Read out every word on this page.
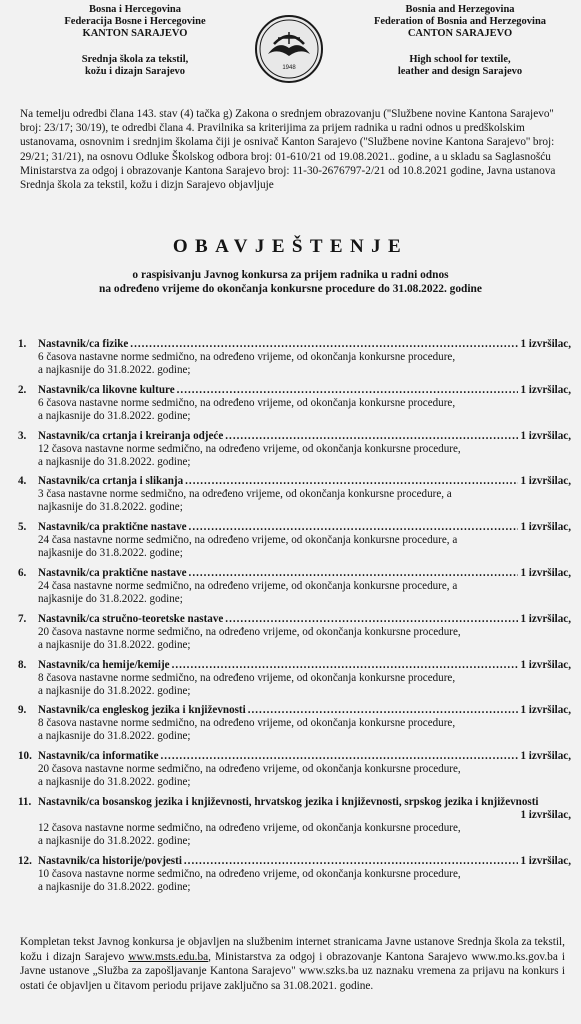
Bosna i Hercegovina
Federacija Bosne i Hercegovine
KANTON SARAJEVO
Srednja škola za tekstil,
kožu i dizajn Sarajevo	1948
Bosnia and Herzegovina
Federation of Bosnia and Herzegovina
CANTON SARAJEVO
High school for textile,
leather and design Sarajevo
Na temelju odredbi člana 143. stav (4) tačka g) Zakona o srednjem obrazovanju (''Službene novine Kantona Sarajevo'' broj: 23/17; 30/19), te odredbi člana 4. Pravilnika sa kriterijima za prijem radnika u radni odnos u predškolskim ustanovama, osnovnim i srednjim školama čiji je osnivač Kanton Sarajevo (''Službene novine Kantona Sarajevo'' broj: 29/21; 31/21), na osnovu Odluke Školskog odbora broj: 01-610/21 od 19.08.2021.. godine, a u skladu sa Saglasnošću Ministarstva za odgoj i obrazovanje Kantona Sarajevo broj: 11-30-2676797-2/21 od 10.8.2021 godine, Javna ustanova Srednja škola za tekstil, kožu i dizjn Sarajevo objavljuje
OBAVJEŠTENJE
o raspisivanju Javnog konkursa za prijem radnika u radni odnos
na određeno vrijeme do okončanja konkursne procedure do 31.08.2022. godine
1. Nastavnik/ca fizike .....	1 izvršilac,
6 časova nastavne norme sedmično, na određeno vrijeme, od okončanja konkursne procedure,
a najkasnije do 31.8.2022. godine;
2. Nastavnik/ca likovne kulture .....	1 izvršilac,
6 časova nastavne norme sedmično, na određeno vrijeme, od okončanja konkursne procedure,
a najkasnije do 31.8.2022. godine;
3. Nastavnik/ca crtanja i kreiranja odjeće .....	1 izvršilac,
12 časova nastavne norme sedmično, na određeno vrijeme, od okončanja konkursne procedure,
a najkasnije do 31.8.2022. godine;
4. Nastavnik/ca crtanja i slikanja .....	1 izvršilac,
3 časa nastavne norme sedmično, na određeno vrijeme, od okončanja konkursne procedure, a
najkasnije do 31.8.2022. godine;
5. Nastavnik/ca praktične nastave .....	1 izvršilac,
24 časa nastavne norme sedmično, na određeno vrijeme, od okončanja konkursne procedure, a
najkasnije do 31.8.2022. godine;
6. Nastavnik/ca praktične nastave .....	1 izvršilac,
24 časa nastavne norme sedmično, na određeno vrijeme, od okončanja konkursne procedure, a
najkasnije do 31.8.2022. godine;
7. Nastavnik/ca stručno-teoretske nastave .....	1 izvršilac,
20 časova nastavne norme sedmično, na određeno vrijeme, od okončanja konkursne procedure,
a najkasnije do 31.8.2022. godine;
8. Nastavnik/ca hemije/kemije .....	1 izvršilac,
8 časova nastavne norme sedmično, na određeno vrijeme, od okončanja konkursne procedure,
a najkasnije do 31.8.2022. godine;
9. Nastavnik/ca engleskog jezika i književnosti .....	1 izvršilac,
8 časova nastavne norme sedmično, na određeno vrijeme, od okončanja konkursne procedure,
a najkasnije do 31.8.2022. godine;
10. Nastavnik/ca informatike .....	1 izvršilac,
20 časova nastavne norme sedmično, na određeno vrijeme, od okončanja konkursne procedure,
a najkasnije do 31.8.2022. godine;
11. Nastavnik/ca bosanskog jezika i književnosti, hrvatskog jezika i književnosti, srpskog jezika i književnosti
1 izvršilac,
12 časova nastavne norme sedmično, na određeno vrijeme, od okončanja konkursne procedure,
a najkasnije do 31.8.2022. godine;
12. Nastavnik/ca historije/povjesti .....	1 izvršilac,
10 časova nastavne norme sedmično, na određeno vrijeme, od okončanja konkursne procedure,
a najkasnije do 31.8.2022. godine;
Kompletan tekst Javnog konkursa je objavljen na službenim internet stranicama Javne ustanove Srednja škola za tekstil, kožu i dizajn Sarajevo www.msts.edu.ba, Ministarstva za odgoj i obrazovanje Kantona Sarajevo www.mo.ks.gov.ba i Javne ustanove „Služba za zapošljavanje Kantona Sarajevo" www.szks.ba uz naznaku vremena za prijavu na konkurs i ostati će objavljen u čitavom periodu prijave zaključno sa 31.08.2021. godine.
